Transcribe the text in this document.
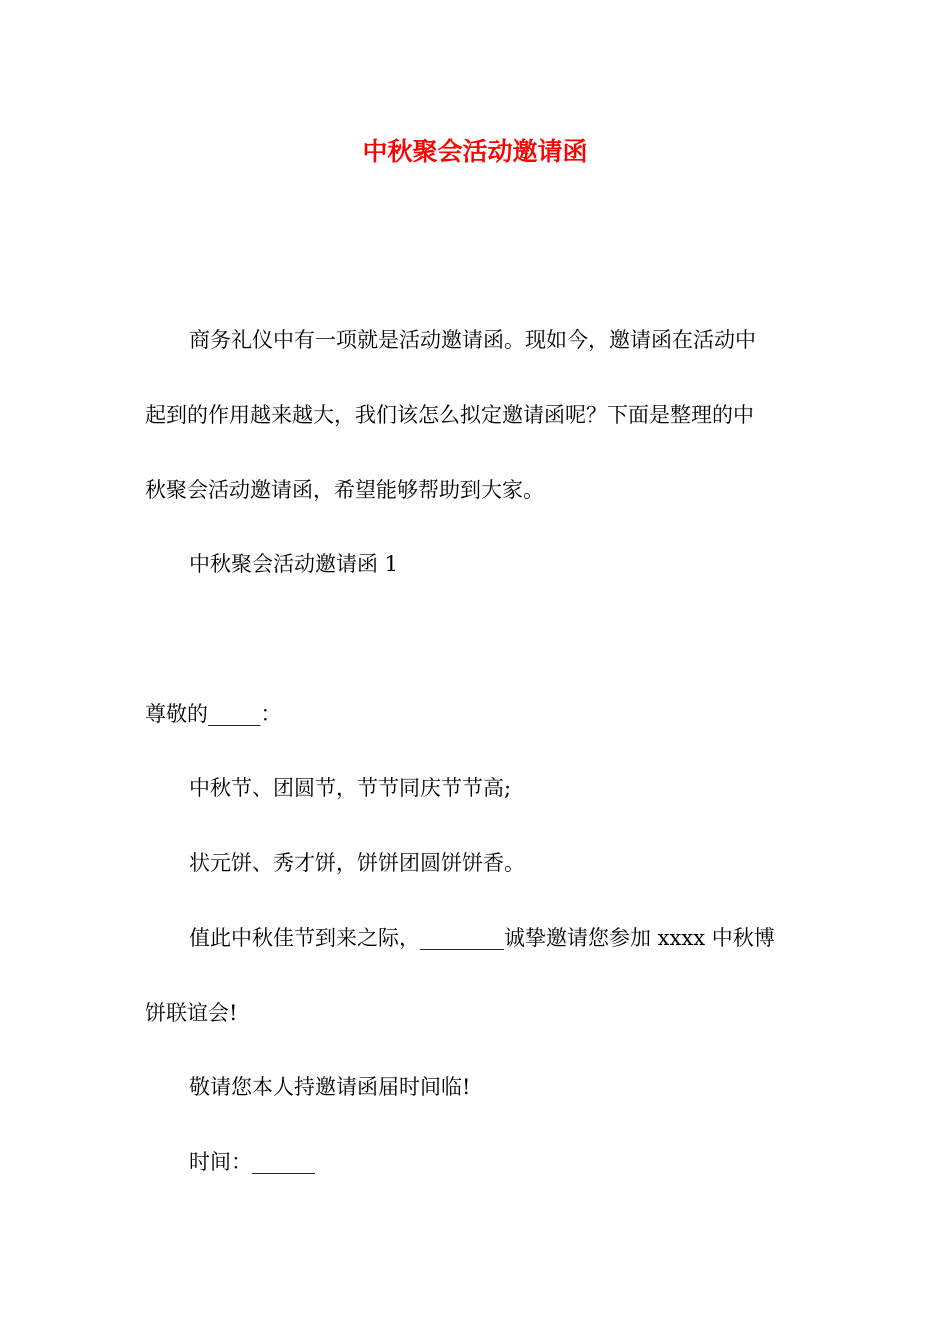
中秋聚会活动邀请函
商务礼仪中有一项就是活动邀请函。现如今，邀请函在活动中
起到的作用越来越大，我们该怎么拟定邀请函呢？下面是整理的中
秋聚会活动邀请函，希望能够帮助到大家。
中秋聚会活动邀请函 1
尊敬的_____：
中秋节、团圆节，节节同庆节节高;
状元饼、秀才饼，饼饼团圆饼饼香。
值此中秋佳节到来之际，________诚挚邀请您参加 xxxx 中秋博
饼联谊会!
敬请您本人持邀请函届时间临!
时间：______
